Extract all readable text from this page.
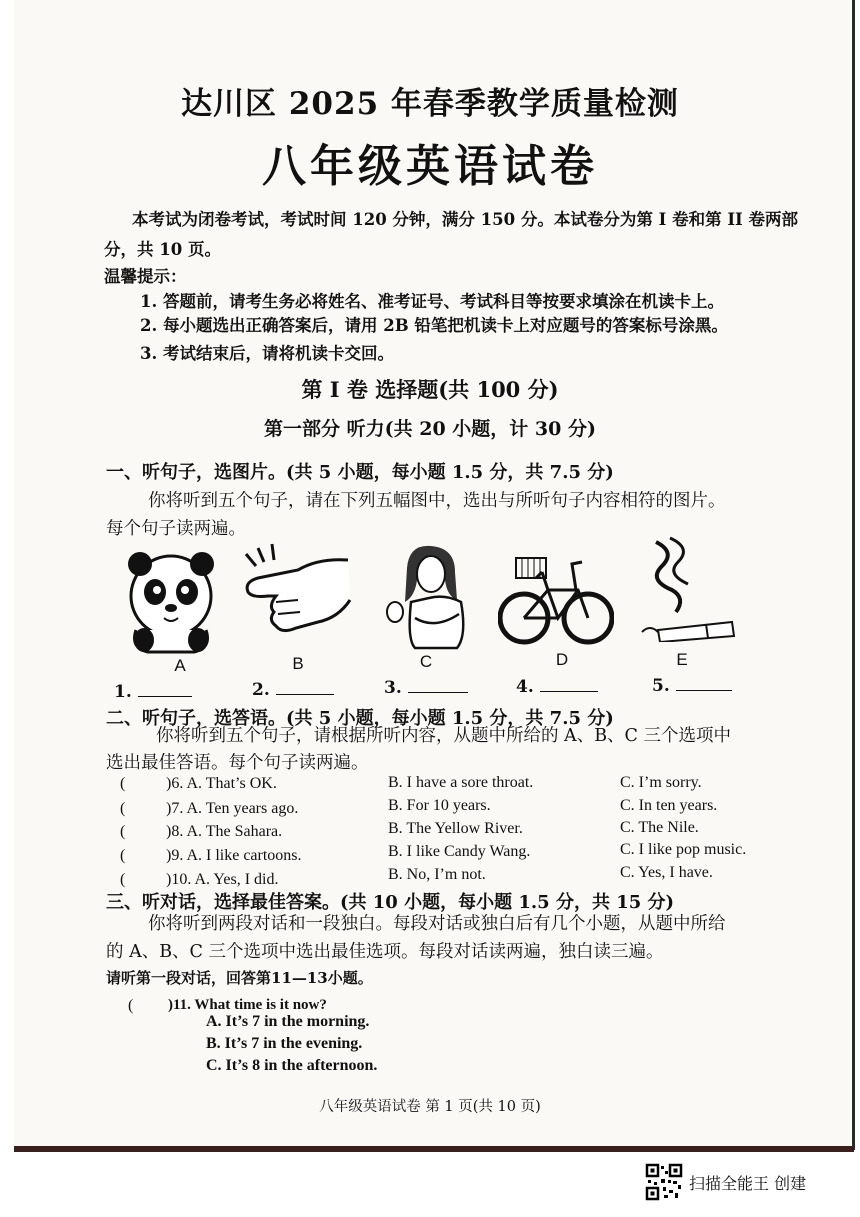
达川区 2025 年春季教学质量检测
八年级英语试卷
本考试为闭卷考试，考试时间 120 分钟，满分 150 分。本试卷分为第 I 卷和第 II 卷两部
分，共 10 页。
温馨提示：
1. 答题前，请考生务必将姓名、准考证号、考试科目等按要求填涂在机读卡上。
2. 每小题选出正确答案后，请用 2B 铅笔把机读卡上对应题号的答案标号涂黑。
3. 考试结束后，请将机读卡交回。
第 I 卷 选择题(共 100 分)
第一部分 听力(共 20 小题，计 30 分)
一、听句子，选图片。(共 5 小题，每小题 1.5 分，共 7.5 分)
你将听到五个句子，请在下列五幅图中，选出与所听句子内容相符的图片。
每个句子读两遍。
A	B	C	D	E
1.	2.	3.	4.	5.
二、听句子，选答语。(共 5 小题，每小题 1.5 分，共 7.5 分)
你将听到五个句子，请根据所听内容，从题中所给的 A、B、C 三个选项中
选出最佳答语。每个句子读两遍。
(	)6. A. That’s OK.	B. I have a sore throat.	C. I’m sorry.
(	)7. A. Ten years ago.	B. For 10 years.	C. In ten years.
(	)8. A. The Sahara.	B. The Yellow River.	C. The Nile.
(	)9. A. I like cartoons.	B. I like Candy Wang.	C. I like pop music.
(	)10. A. Yes, I did.	B. No, I’m not.	C. Yes, I have.
三、听对话，选择最佳答案。(共 10 小题，每小题 1.5 分，共 15 分)
你将听到两段对话和一段独白。每段对话或独白后有几个小题，从题中所给
的 A、B、C 三个选项中选出最佳选项。每段对话读两遍，独白读三遍。
请听第一段对话，回答第11—13小题。
( )11. What time is it now?
A. It’s 7 in the morning.
B. It’s 7 in the evening.
C. It’s 8 in the afternoon.
八年级英语试卷 第 1 页(共 10 页)
扫描全能王 创建
